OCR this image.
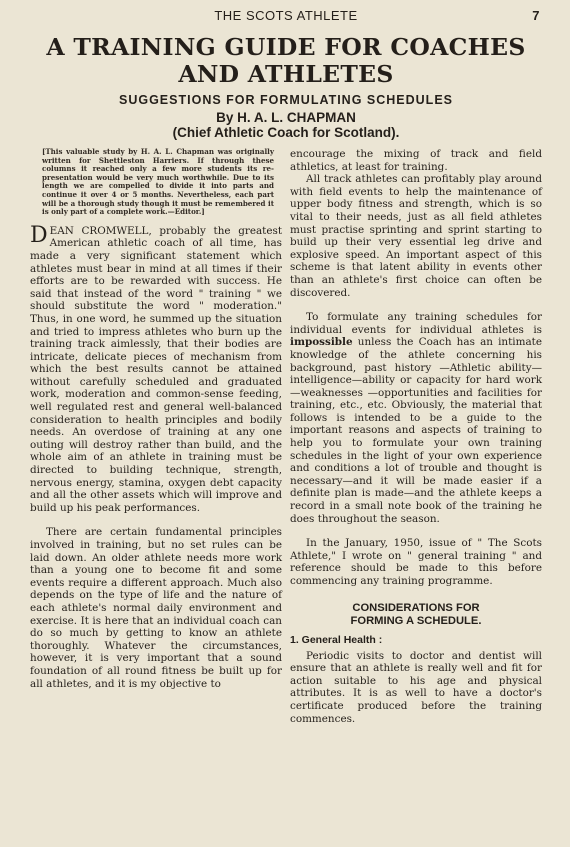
THE SCOTS ATHLETE	7
A TRAINING GUIDE FOR COACHES
AND ATHLETES
SUGGESTIONS FOR FORMULATING SCHEDULES
By H. A. L. CHAPMAN
(Chief Athletic Coach for Scotland).
[This valuable study by H. A. L. Chapman was originally written for Shettleston Harriers. If through these columns it reached only a few more students its re-presentation would be very much worthwhile. Due to its length we are compelled to divide it into parts and continue it over 4 or 5 months. Nevertheless, each part will be a thorough study though it must be remembered it is only part of a complete work.—Editor.]

DEAN CROMWELL, probably the greatest American athletic coach of all time, has made a very significant statement which athletes must bear in mind at all times if their efforts are to be rewarded with success. He said that instead of the word " training " we should substitute the word " moderation." Thus, in one word, he summed up the situation and tried to impress athletes who burn up the training track aimlessly, that their bodies are intricate, delicate pieces of mechanism from which the best results cannot be attained without carefully scheduled and graduated work, moderation and common-sense feeding, well regulated rest and general well-balanced consideration to health principles and bodily needs. An overdose of training at any one outing will destroy rather than build, and the whole aim of an athlete in training must be directed to building technique, strength, nervous energy, stamina, oxygen debt capacity and all the other assets which will improve and build up his peak performances.

There are certain fundamental principles involved in training, but no set rules can be laid down. An older athlete needs more work than a young one to become fit and some events require a different approach. Much also depends on the type of life and the nature of each athlete's normal daily environment and exercise. It is here that an individual coach can do so much by getting to know an athlete thoroughly. Whatever the circumstances, however, it is very important that a sound foundation of all round fitness be built up for all athletes, and it is my objective to

encourage the mixing of track and field athletics, at least for training.

All track athletes can profitably play around with field events to help the maintenance of upper body fitness and strength, which is so vital to their needs, just as all field athletes must practise sprinting and sprint starting to build up their very essential leg drive and explosive speed. An important aspect of this scheme is that latent ability in events other than an athlete's first choice can often be discovered.

To formulate any training schedules for individual events for individual athletes is impossible unless the Coach has an intimate knowledge of the athlete concerning his background, past history —Athletic ability—intelligence—ability or capacity for hard work—weaknesses —opportunities and facilities for training, etc., etc. Obviously, the material that follows is intended to be a guide to the important reasons and aspects of training to help you to formulate your own training schedules in the light of your own experience and conditions a lot of trouble and thought is necessary—and it will be made easier if a definite plan is made—and the athlete keeps a record in a small note book of the training he does throughout the season.

In the January, 1950, issue of " The Scots Athlete," I wrote on " general training " and reference should be made to this before commencing any training programme.

CONSIDERATIONS FOR
FORMING A SCHEDULE.
1. General Health :

Periodic visits to doctor and dentist will ensure that an athlete is really well and fit for action suitable to his age and physical attributes. It is as well to have a doctor's certificate produced before the training commences.
